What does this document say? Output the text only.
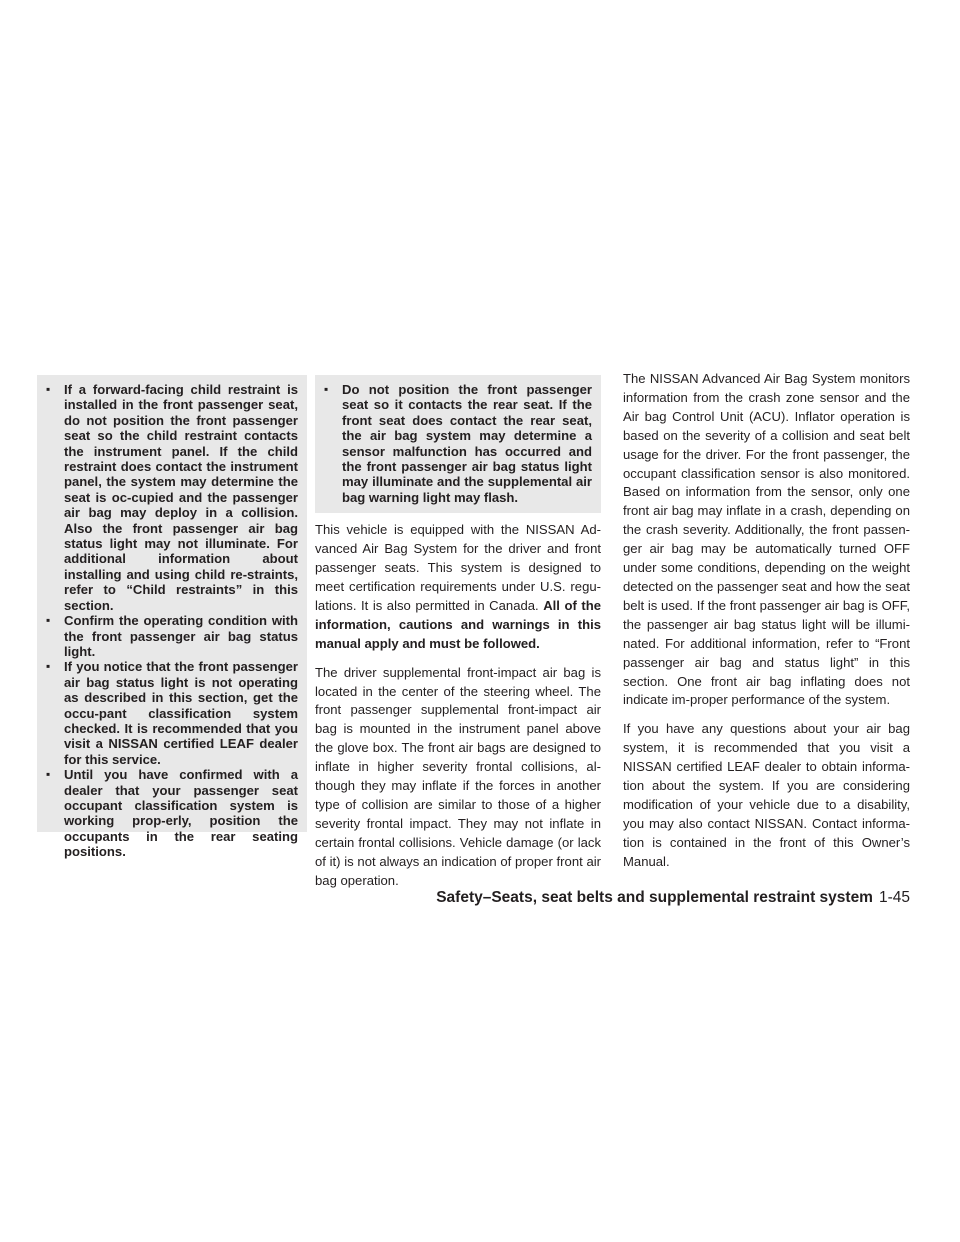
▪ If a forward-facing child restraint is installed in the front passenger seat, do not position the front passenger seat so the child restraint contacts the instrument panel. If the child restraint does contact the instrument panel, the system may determine the seat is oc-cupied and the passenger air bag may deploy in a collision. Also the front passenger air bag status light may not illuminate. For additional information about installing and using child re-straints, refer to “Child restraints” in this section.
▪ Confirm the operating condition with the front passenger air bag status light.
▪ If you notice that the front passenger air bag status light is not operating as described in this section, get the occu-pant classification system checked. It is recommended that you visit a NISSAN certified LEAF dealer for this service.
▪ Until you have confirmed with a dealer that your passenger seat occupant classification system is working prop-erly, position the occupants in the rear seating positions.
▪ Do not position the front passenger seat so it contacts the rear seat. If the front seat does contact the rear seat, the air bag system may determine a sensor malfunction has occurred and the front passenger air bag status light may illuminate and the supplemental air bag warning light may flash.

This vehicle is equipped with the NISSAN Ad-vanced Air Bag System for the driver and front passenger seats. This system is designed to meet certification requirements under U.S. regu-lations. It is also permitted in Canada. All of the information, cautions and warnings in this manual apply and must be followed.

The driver supplemental front-impact air bag is located in the center of the steering wheel. The front passenger supplemental front-impact air bag is mounted in the instrument panel above the glove box. The front air bags are designed to inflate in higher severity frontal collisions, al-though they may inflate if the forces in another type of collision are similar to those of a higher severity frontal impact. They may not inflate in certain frontal collisions. Vehicle damage (or lack of it) is not always an indication of proper front air bag operation.

The NISSAN Advanced Air Bag System monitors information from the crash zone sensor and the Air bag Control Unit (ACU). Inflator operation is based on the severity of a collision and seat belt usage for the driver. For the front passenger, the occupant classification sensor is also monitored. Based on information from the sensor, only one front air bag may inflate in a crash, depending on the crash severity. Additionally, the front passen-ger air bag may be automatically turned OFF under some conditions, depending on the weight detected on the passenger seat and how the seat belt is used. If the front passenger air bag is OFF, the passenger air bag status light will be illumi-nated. For additional information, refer to “Front passenger air bag and status light” in this section. One front air bag inflating does not indicate im-proper performance of the system.

If you have any questions about your air bag system, it is recommended that you visit a NISSAN certified LEAF dealer to obtain informa-tion about the system. If you are considering modification of your vehicle due to a disability, you may also contact NISSAN. Contact informa-tion is contained in the front of this Owner’s Manual.

Safety–Seats, seat belts and supplemental restraint system 1-45
